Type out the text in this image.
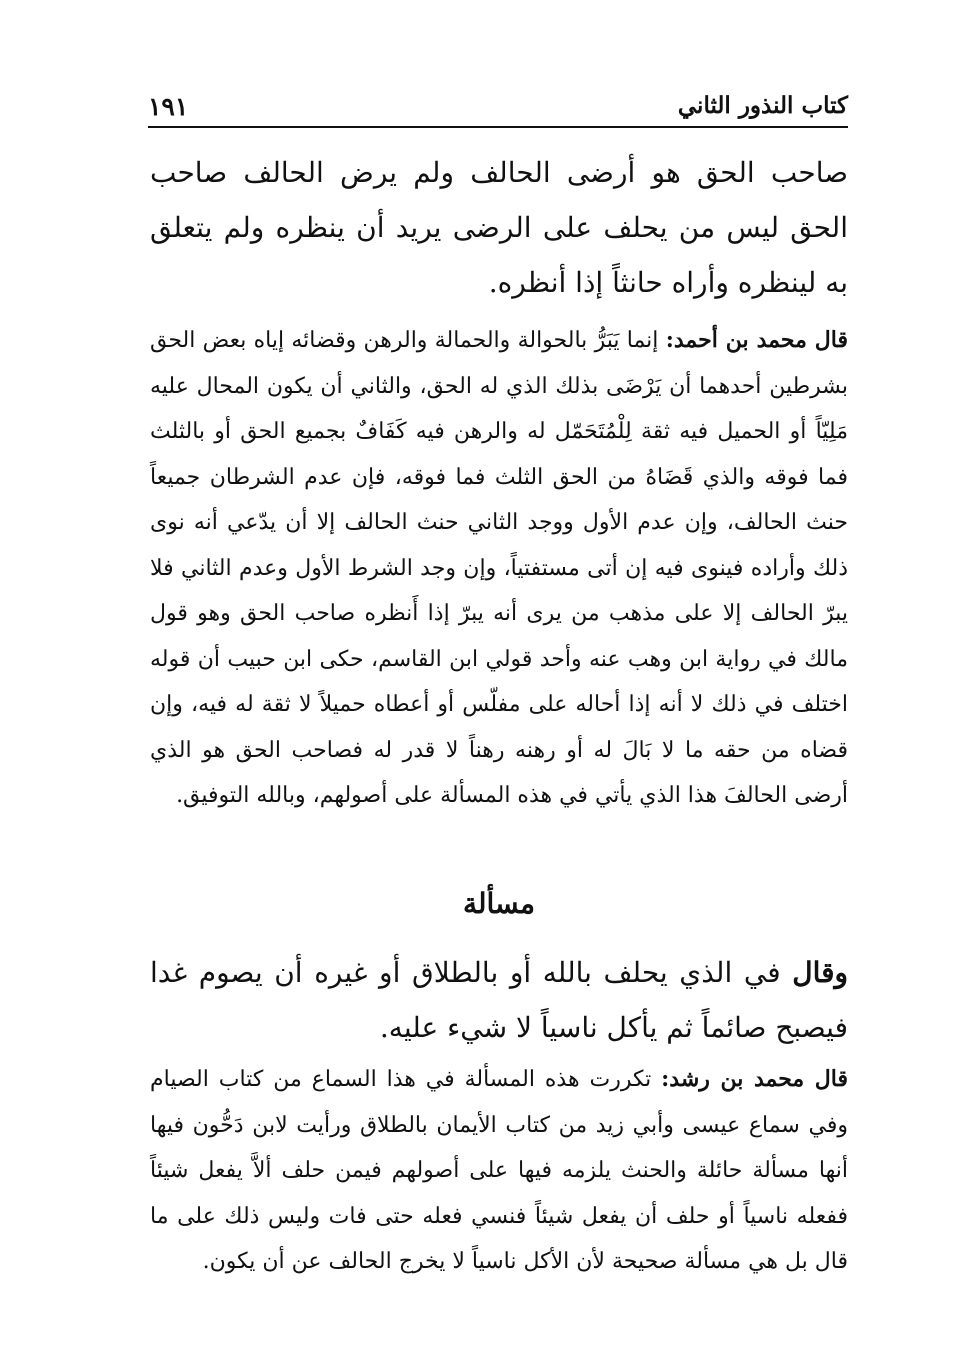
كتاب النذور الثاني
١٩١
صاحب الحق هو أرضى الحالف ولم يرض الحالف صاحب الحق ليس من يحلف على الرضى يريد أن ينظره ولم يتعلق به لينظره وأراه حانثاً إذا أنظره.
قال محمد بن أحمد: إنما يَبَرُّ بالحوالة والحمالة والرهن وقضائه إياه بعض الحق بشرطين أحدهما أن يَرْضَى بذلك الذي له الحق، والثاني أن يكون المحال عليه مَلِيّاً أو الحميل فيه ثقة لِلْمُتَحَمّل له والرهن فيه كَفَافٌ بجميع الحق أو بالثلث فما فوقه والذي قَضَاهُ من الحق الثلث فما فوقه، فإن عدم الشرطان جميعاً حنث الحالف، وإن عدم الأول ووجد الثاني حنث الحالف إلا أن يدّعي أنه نوى ذلك وأراده فينوى فيه إن أتى مستفتياً، وإن وجد الشرط الأول وعدم الثاني فلا يبرّ الحالف إلا على مذهب من يرى أنه يبرّ إذا أَنظره صاحب الحق وهو قول مالك في رواية ابن وهب عنه وأحد قولي ابن القاسم، حكى ابن حبيب أن قوله اختلف في ذلك لا أنه إذا أحاله على مفلّس أو أعطاه حميلاً لا ثقة له فيه، وإن قضاه من حقه ما لا بَالَ له أو رهنه رهناً لا قدر له فصاحب الحق هو الذي أرضى الحالفَ هذا الذي يأتي في هذه المسألة على أصولهم، وبالله التوفيق.
مسألة
وقال في الذي يحلف بالله أو بالطلاق أو غيره أن يصوم غدا فيصبح صائماً ثم يأكل ناسياً لا شيء عليه.
قال محمد بن رشد: تكررت هذه المسألة في هذا السماع من كتاب الصيام وفي سماع عيسى وأبي زيد من كتاب الأيمان بالطلاق ورأيت لابن دَحُّون فيها أنها مسألة حائلة والحنث يلزمه فيها على أصولهم فيمن حلف ألاَّ يفعل شيئاً ففعله ناسياً أو حلف أن يفعل شيئاً فنسي فعله حتى فات وليس ذلك على ما قال بل هي مسألة صحيحة لأن الأكل ناسياً لا يخرج الحالف عن أن يكون.
